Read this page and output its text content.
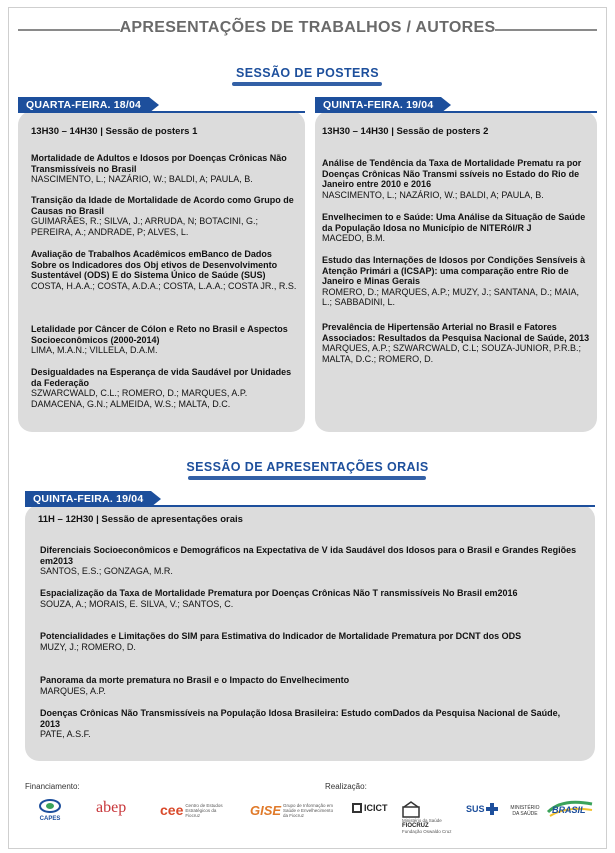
APRESENTAÇÕES DE TRABALHOS / AUTORES
SESSÃO DE POSTERS
QUARTA-FEIRA. 18/04
13H30 – 14H30 | Sessão de posters 1
Mortalidade de Adultos e Idosos por Doenças Crônicas Não Transmissíveis no Brasil
NASCIMENTO, L.; NAZÁRIO, W.; BALDI, A; PAULA, B.
Transição da Idade de Mortalidade de Acordo como Grupo de Causas no Brasil
GUIMARÃES, R.; SILVA, J.; ARRUDA, N; BOTACINI, G.; PEREIRA, A.; ANDRADE, P; ALVES, L.
Avaliação de Trabalhos Acadêmicos emBanco de Dados Sobre os Indicadores dos Obj etivos de Desenvolvimento Sustentável (ODS) E do Sistema Único de Saúde (SUS)
COSTA, H.A.A.; COSTA, A.D.A.; COSTA, L.A.A.; COSTA JR., R.S.
Letalidade por Câncer de Cólon e Reto no Brasil e Aspectos Socioeconômicos (2000-2014)
LIMA, M.A.N.; VILLELA, D.A.M.
Desigualdades na Esperança de vida Saudável por Unidades da Federação
SZWARCWALD, C.L.; ROMERO, D.; MARQUES, A.P. DAMACENA, G.N.; ALMEIDA, W.S.; MALTA, D.C.
QUINTA-FEIRA. 19/04
13H30 – 14H30 | Sessão de posters 2
Análise de Tendência da Taxa de Mortalidade Prematu ra por Doenças Crônicas Não Transmi ssíveis no Estado do Rio de Janeiro entre 2010 e 2016
NASCIMENTO, L.; NAZÁRIO, W.; BALDI, A; PAULA, B.
Envelhecimen to e Saúde: Uma Análise da Situação de Saúde da População Idosa no Município de NITERóI/R J
MACEDO, B.M.
Estudo das Internações de Idosos por Condições Sensíveis à Atenção Primári a (ICSAP): uma comparação entre Rio de Janeiro e Minas Gerais
ROMERO, D.; MARQUES, A.P.; MUZY, J.; SANTANA, D.; MAIA, L.; SABBADINI, L.
Prevalência de Hipertensão Arterial no Brasil e Fatores Associados: Resultados da Pesquisa Nacional de Saúde, 2013
MARQUES, A.P.; SZWARCWALD, C.L; SOUZA-JUNIOR, P.R.B.; MALTA, D.C.; ROMERO, D.
SESSÃO DE APRESENTAÇÕES ORAIS
QUINTA-FEIRA. 19/04
11H – 12H30 | Sessão de apresentações orais
Diferenciais Socioeconômicos e Demográficos na Expectativa de V ida Saudável dos Idosos para o Brasil e Grandes Regiões em2013
SANTOS, E.S.; GONZAGA, M.R.
Espacialização da Taxa de Mortalidade Prematura por Doenças Crônicas Não T ransmissíveis No Brasil em2016
SOUZA, A.; MORAIS, E. SILVA, V.; SANTOS, C.
Potencialidades e Limitações do SIM para Estimativa do Indicador de Mortalidade Prematura por DCNT dos ODS
MUZY, J.; ROMERO, D.
Panorama da morte prematura no Brasil e o Impacto do Envelhecimento
MARQUES, A.P.
Doenças Crônicas Não Transmissíveis na População Idosa Brasileira: Estudo comDados da Pesquisa Nacional de Saúde, 2013
PATE, A.S.F.
Financiamento:	Realização:
CAPES
abep cee Centro de Estudos Estratégicos da Fiocruz	GISE Grupo de Informação em Saúde e Envelhecimento da Fiocruz
ICICT

Ministério da Saúde
FIOCRUZ
Fundação Oswaldo Cruz
SUS	MINISTÉRIO DA SAÚDE	BRASIL
